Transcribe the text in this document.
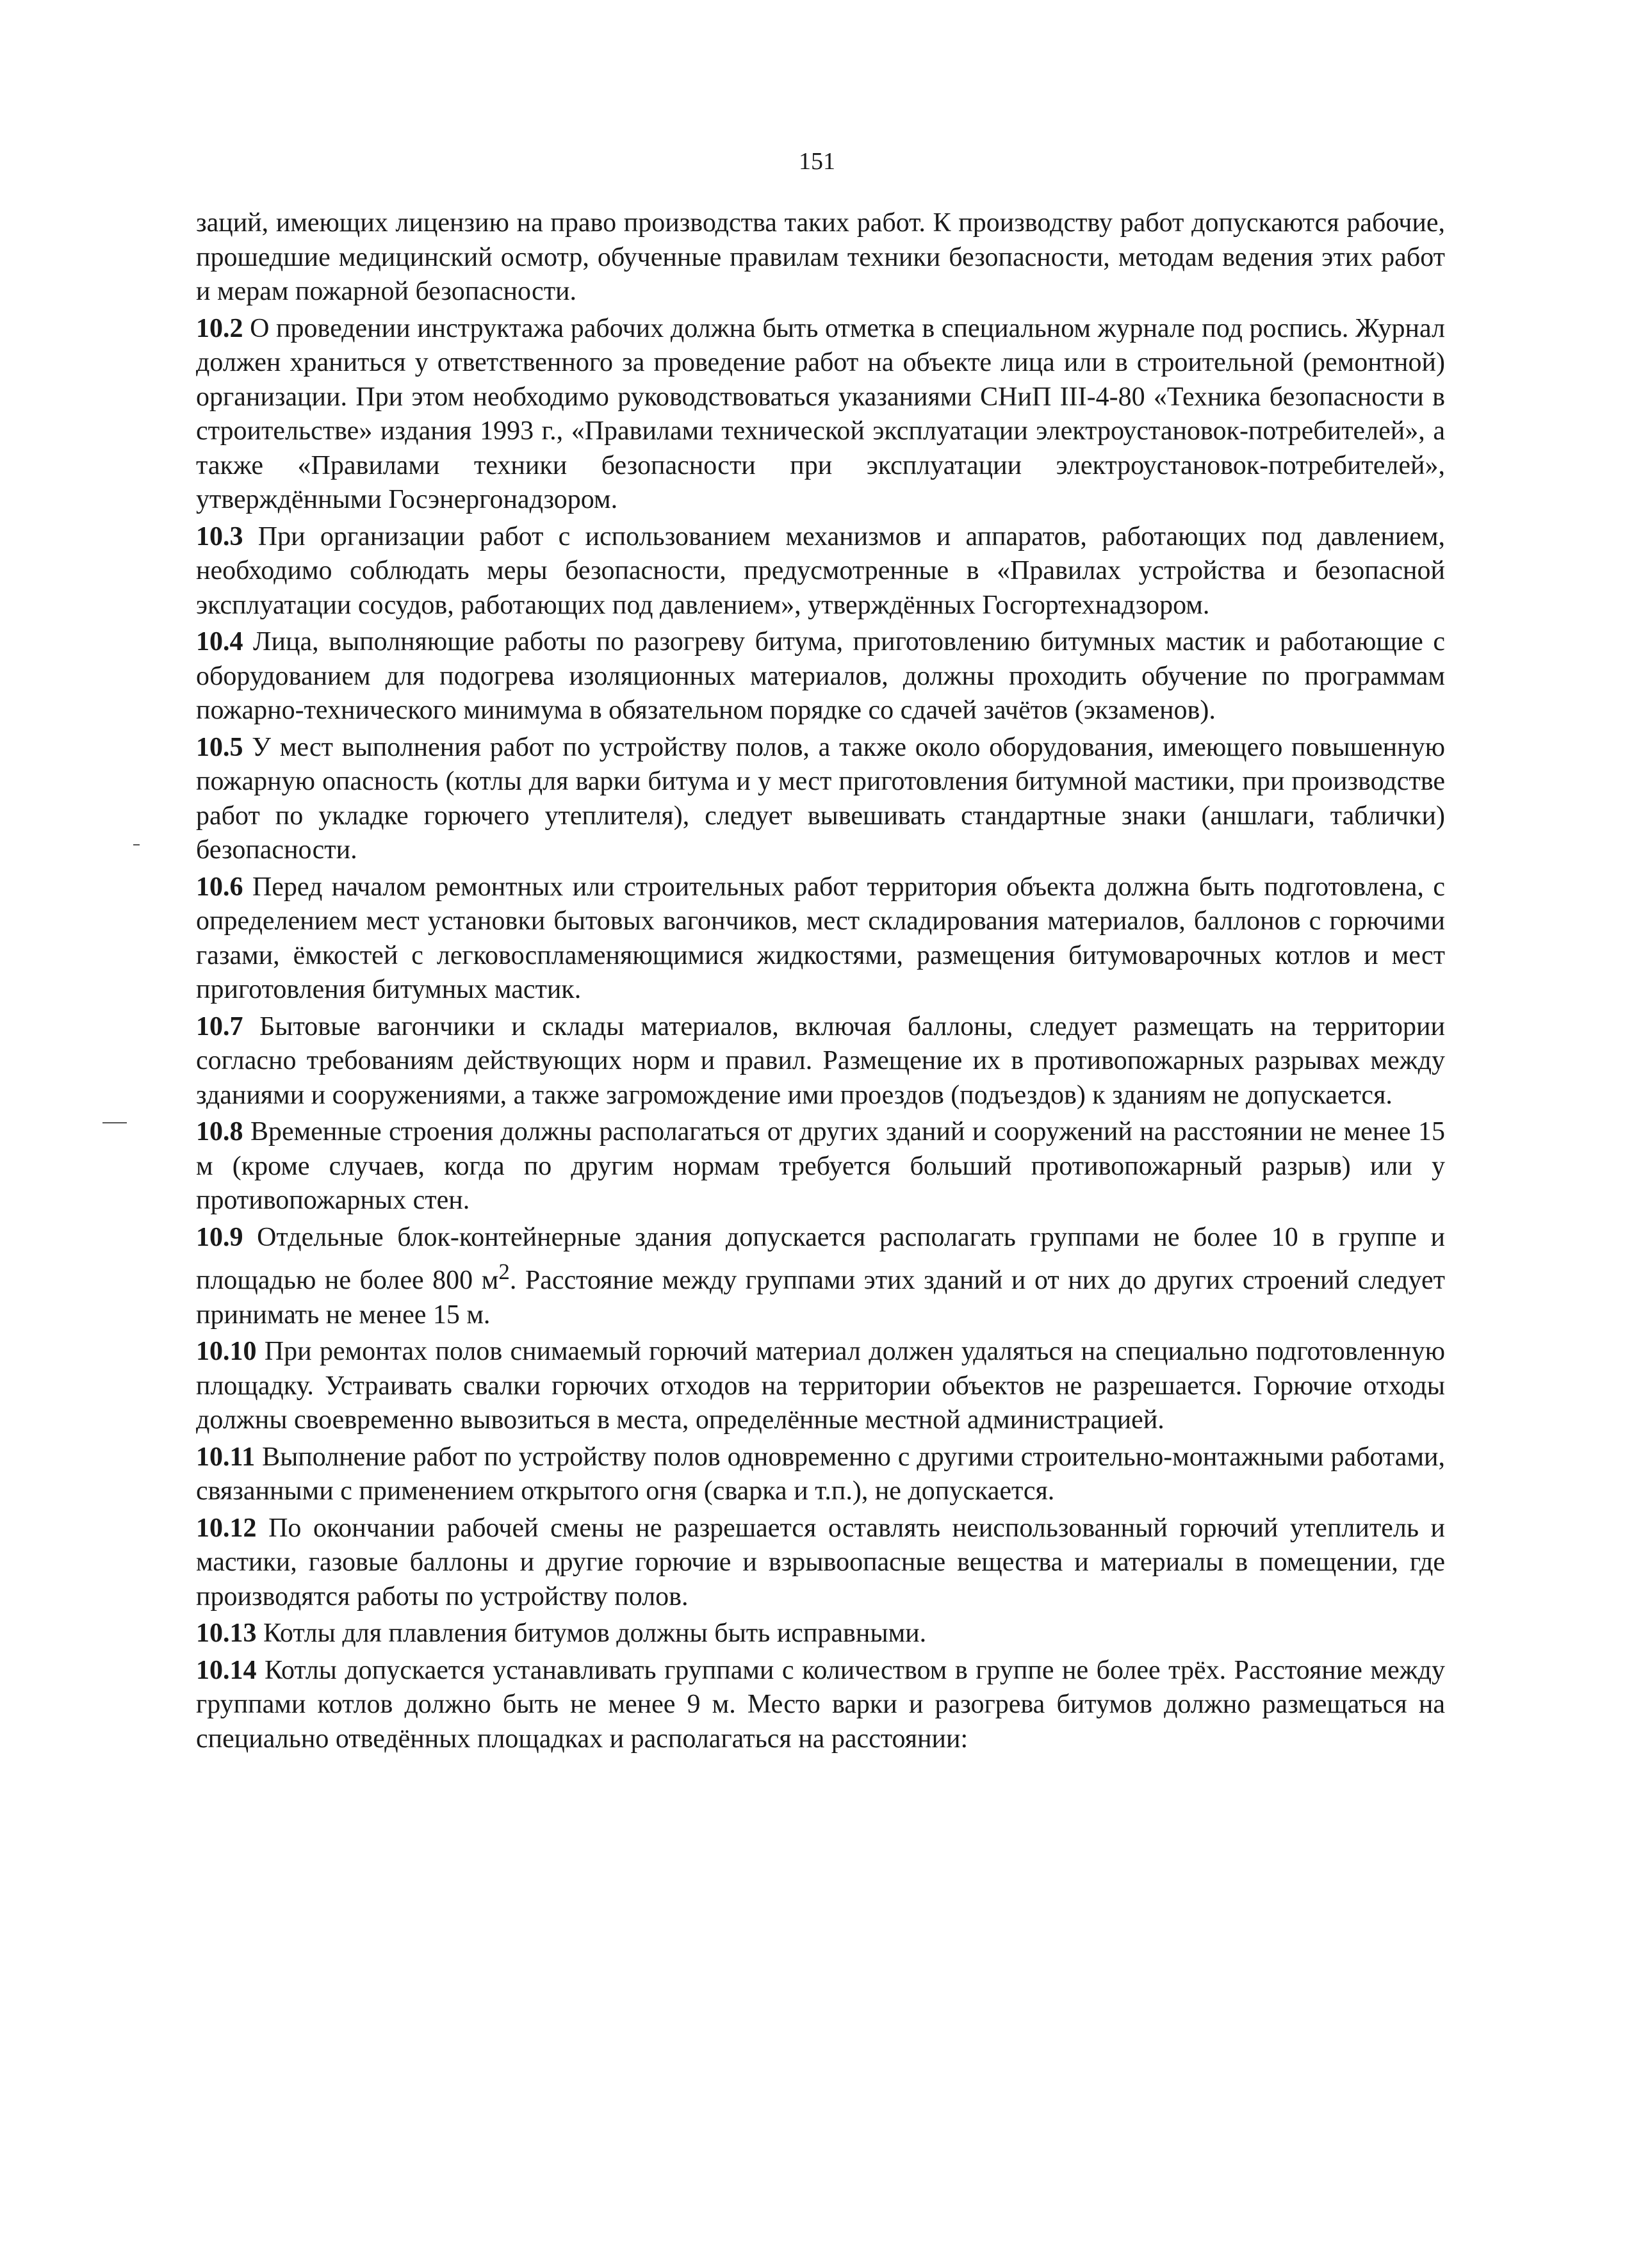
151

заций, имеющих лицензию на право производства таких работ. К производству работ допускаются рабочие, прошедшие медицинский осмотр, обученные правилам техники безопасности, методам ведения этих работ и мерам пожарной безопасности.

10.2 О проведении инструктажа рабочих должна быть отметка в специальном журнале под роспись. Журнал должен храниться у ответственного за проведение работ на объекте лица или в строительной (ремонтной) организации. При этом необходимо руководствоваться указаниями СНиП III-4-80 «Техника безопасности в строительстве» издания 1993 г., «Правилами технической эксплуатации электроустановок-потребителей», а также «Правилами техники безопасности при эксплуатации электроустановок-потребителей», утверждёнными Госэнергонадзором.

10.3 При организации работ с использованием механизмов и аппаратов, работающих под давлением, необходимо соблюдать меры безопасности, предусмотренные в «Правилах устройства и безопасной эксплуатации сосудов, работающих под давлением», утверждённых Госгортехнадзором.

10.4 Лица, выполняющие работы по разогреву битума, приготовлению битумных мастик и работающие с оборудованием для подогрева изоляционных материалов, должны проходить обучение по программам пожарно-технического минимума в обязательном порядке со сдачей зачётов (экзаменов).

10.5 У мест выполнения работ по устройству полов, а также около оборудования, имеющего повышенную пожарную опасность (котлы для варки битума и у мест приготовления битумной мастики, при производстве работ по укладке горючего утеплителя), следует вывешивать стандартные знаки (аншлаги, таблички) безопасности.

10.6 Перед началом ремонтных или строительных работ территория объекта должна быть подготовлена, с определением мест установки бытовых вагончиков, мест складирования материалов, баллонов с горючими газами, ёмкостей с легковоспламеняющимися жидкостями, размещения битумоварочных котлов и мест приготовления битумных мастик.

10.7 Бытовые вагончики и склады материалов, включая баллоны, следует размещать на территории согласно требованиям действующих норм и правил. Размещение их в противопожарных разрывах между зданиями и сооружениями, а также загромождение ими проездов (подъездов) к зданиям не допускается.

10.8 Временные строения должны располагаться от других зданий и сооружений на расстоянии не менее 15 м (кроме случаев, когда по другим нормам требуется больший противопожарный разрыв) или у противопожарных стен.

10.9 Отдельные блок-контейнерные здания допускается располагать группами не более 10 в группе и площадью не более 800 $м^2$. Расстояние между группами этих зданий и от них до других строений следует принимать не менее 15 м.

10.10 При ремонтах полов снимаемый горючий материал должен удаляться на специально подготовленную площадку. Устраивать свалки горючих отходов на территории объектов не разрешается. Горючие отходы должны своевременно вывозиться в места, определённые местной администрацией.

10.11 Выполнение работ по устройству полов одновременно с другими строительно-монтажными работами, связанными с применением открытого огня (сварка и т.п.), не допускается.

10.12 По окончании рабочей смены не разрешается оставлять неиспользованный горючий утеплитель и мастики, газовые баллоны и другие горючие и взрывоопасные вещества и материалы в помещении, где производятся работы по устройству полов.

10.13 Котлы для плавления битумов должны быть исправными.

10.14 Котлы допускается устанавливать группами с количеством в группе не более трёх. Расстояние между группами котлов должно быть не менее 9 м. Место варки и разогрева битумов должно размещаться на специально отведённых площадках и располагаться на расстоянии:
